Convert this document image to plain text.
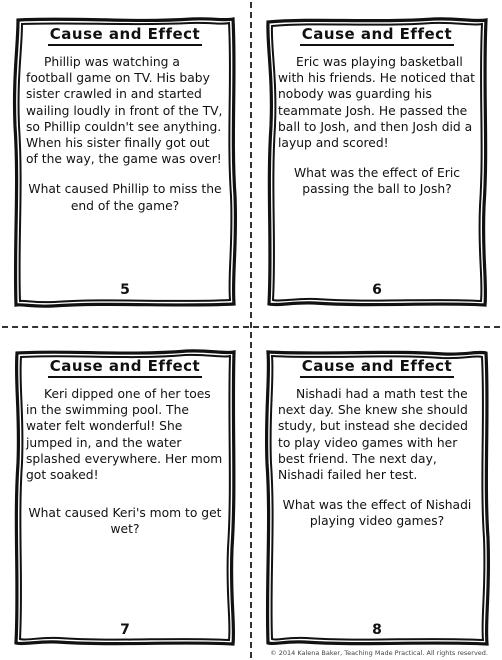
Cause and Effect
Phillip was watching a football game on TV. His baby sister crawled in and started wailing loudly in front of the TV, so Phillip couldn't see anything. When his sister finally got out of the way, the game was over!
What caused Phillip to miss the end of the game?
5
Cause and Effect
Eric was playing basketball with his friends. He noticed that nobody was guarding his teammate Josh. He passed the ball to Josh, and then Josh did a layup and scored!
What was the effect of Eric passing the ball to Josh?
6
Cause and Effect
Keri dipped one of her toes in the swimming pool. The water felt wonderful! She jumped in, and the water splashed everywhere. Her mom got soaked!
What caused Keri's mom to get wet?
7
Cause and Effect
Nishadi had a math test the next day. She knew she should study, but instead she decided to play video games with her best friend. The next day, Nishadi failed her test.
What was the effect of Nishadi playing video games?
8
© 2014 Kalena Baker, Teaching Made Practical. All rights reserved.
